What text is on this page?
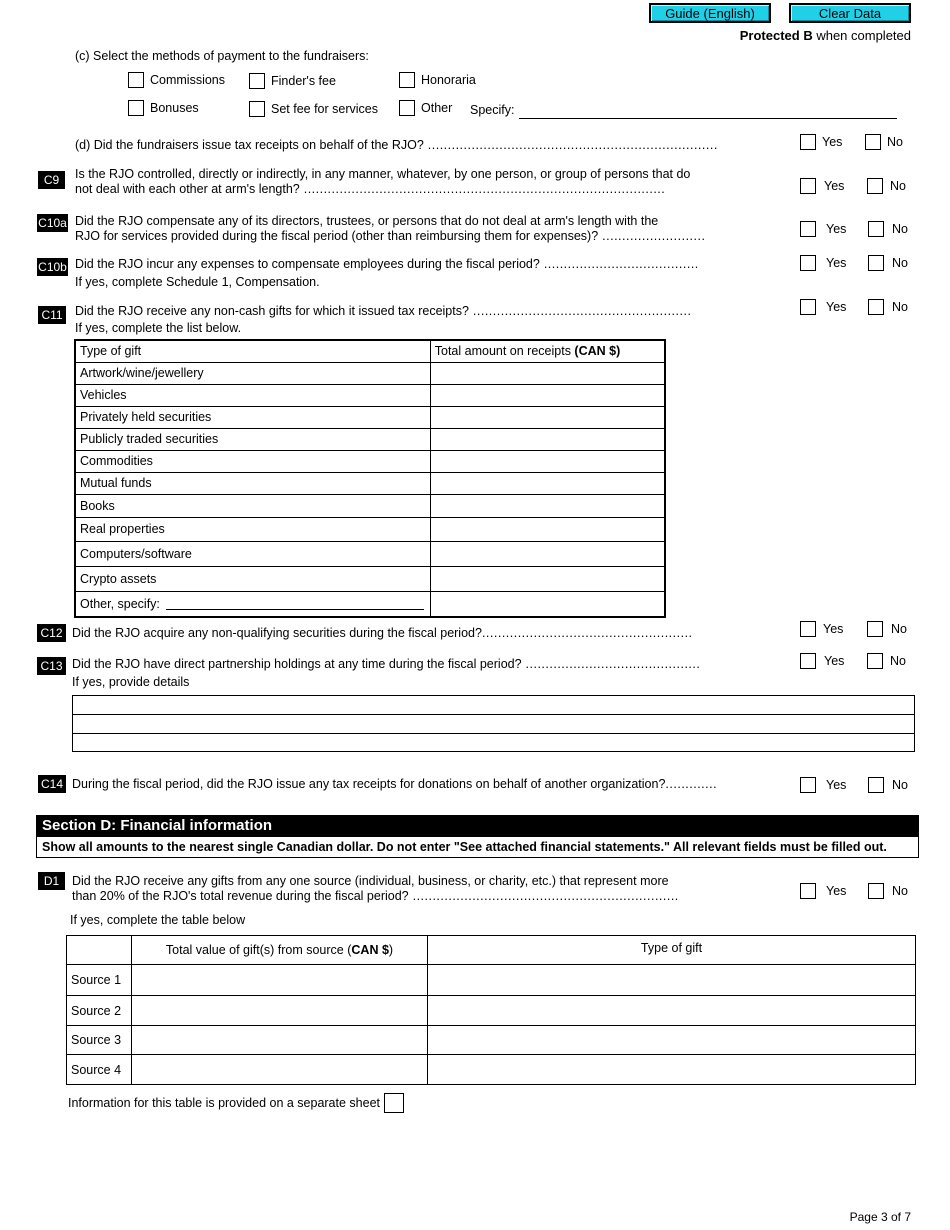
Guide (English)	Clear Data
Protected B when completed
(c) Select the methods of payment to the fundraisers:
Commissions	Finder's fee	Honoraria
Bonuses	Set fee for services	Other Specify:
(d) Did the fundraisers issue tax receipts on behalf of the RJO? .........................................................................	Yes	No
C9	Is the RJO controlled, directly or indirectly, in any manner, whatever, by one person, or group of persons that do
not deal with each other at arm's length? ...........................................................................................	Yes	No
C10a Did the RJO compensate any of its directors, trustees, or persons that do not deal at arm's length with the
RJO for services provided during the fiscal period (other than reimbursing them for expenses)? ..........................	Yes	No
C10b Did the RJO incur any expenses to compensate employees during the fiscal period? .......................................
If yes, complete Schedule 1, Compensation.
Yes	No
C11 Did the RJO receive any non-cash gifts for which it issued tax receipts? .......................................................
If yes, complete the list below.
Yes	No
Type of gift	Total amount on receipts (CAN $)
Artwork/wine/jewellery	
Vehicles	
Privately held securities	
Publicly traded securities	
Commodities	
Mutual funds	
Books	
Real properties	
Computers/software	
Crypto assets	
Other, specify:	
C12 Did the RJO acquire any non-qualifying securities during the fiscal period?.....................................................	Yes	No
C13 Did the RJO have direct partnership holdings at any time during the fiscal period? ............................................
If yes, provide details
Yes	No
C14 During the fiscal period, did the RJO issue any tax receipts for donations on behalf of another organization?.............	Yes	No
Section D: Financial information
Show all amounts to the nearest single Canadian dollar. Do not enter "See attached financial statements." All relevant fields must be filled out.
D1	Did the RJO receive any gifts from any one source (individual, business, or charity, etc.) that represent more
than 20% of the RJO's total revenue during the fiscal period? ...................................................................	Yes	No
If yes, complete the table below
	Total value of gift(s) from source (CAN $)	Type of gift
Source 1		
Source 2		
Source 3		
Source 4		
Information for this table is provided on a separate sheet
Page 3 of 7
